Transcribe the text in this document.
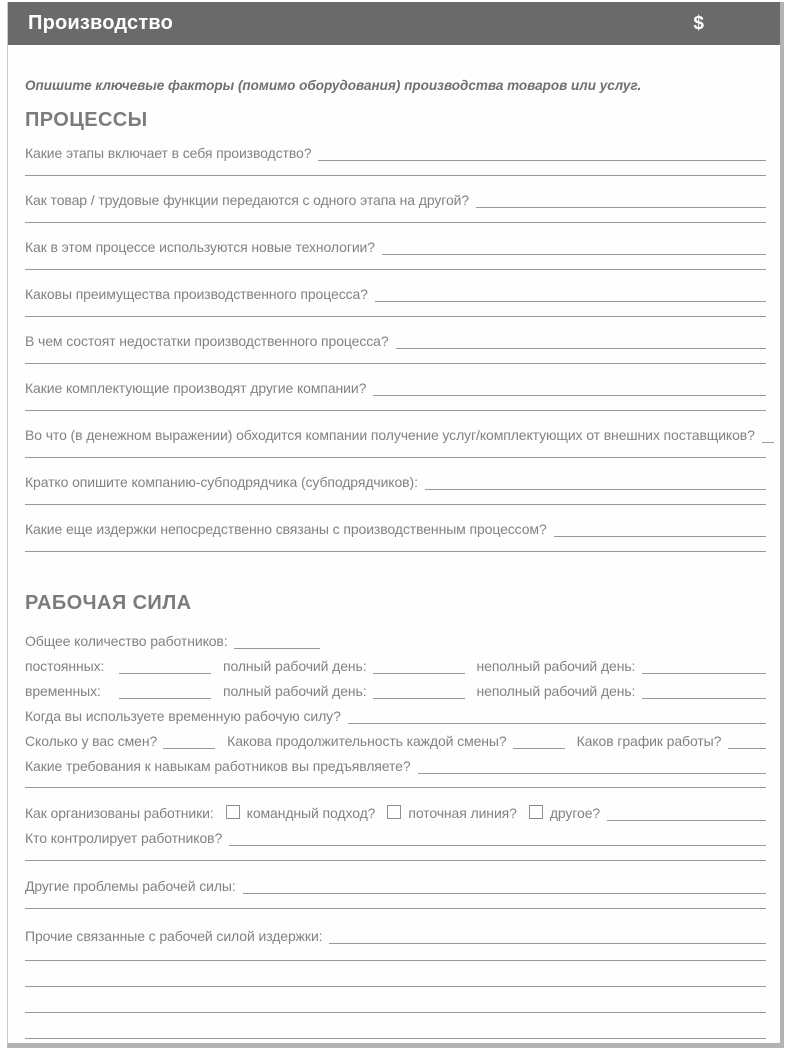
Производство	$

Опишите ключевые факторы (помимо оборудования) производства товаров или услуг.

ПРОЦЕССЫ
Какие этапы включает в себя производство?
Как товар / трудовые функции передаются с одного этапа на другой?
Как в этом процессе используются новые технологии?
Каковы преимущества производственного процесса?
В чем состоят недостатки производственного процесса?
Какие комплектующие производят другие компании?
Во что (в денежном выражении) обходится компании получение услуг/комплектующих от внешних поставщиков?
Кратко опишите компанию-субподрядчика (субподрядчиков):
Какие еще издержки непосредственно связаны с производственным процессом?
РАБОЧАЯ СИЛА
Общее количество работников:
постоянных:	полный рабочий день:	неполный рабочий день:
временных:	полный рабочий день:	неполный рабочий день:
Когда вы используете временную рабочую силу?
Сколько у вас смен?	Какова продолжительность каждой смены?	Каков график работы?
Какие требования к навыкам работников вы предъявляете?
Как организованы работники: командный подход? поточная линия? другое?
Кто контролирует работников?
Другие проблемы рабочей силы:
Прочие связанные с рабочей силой издержки:
